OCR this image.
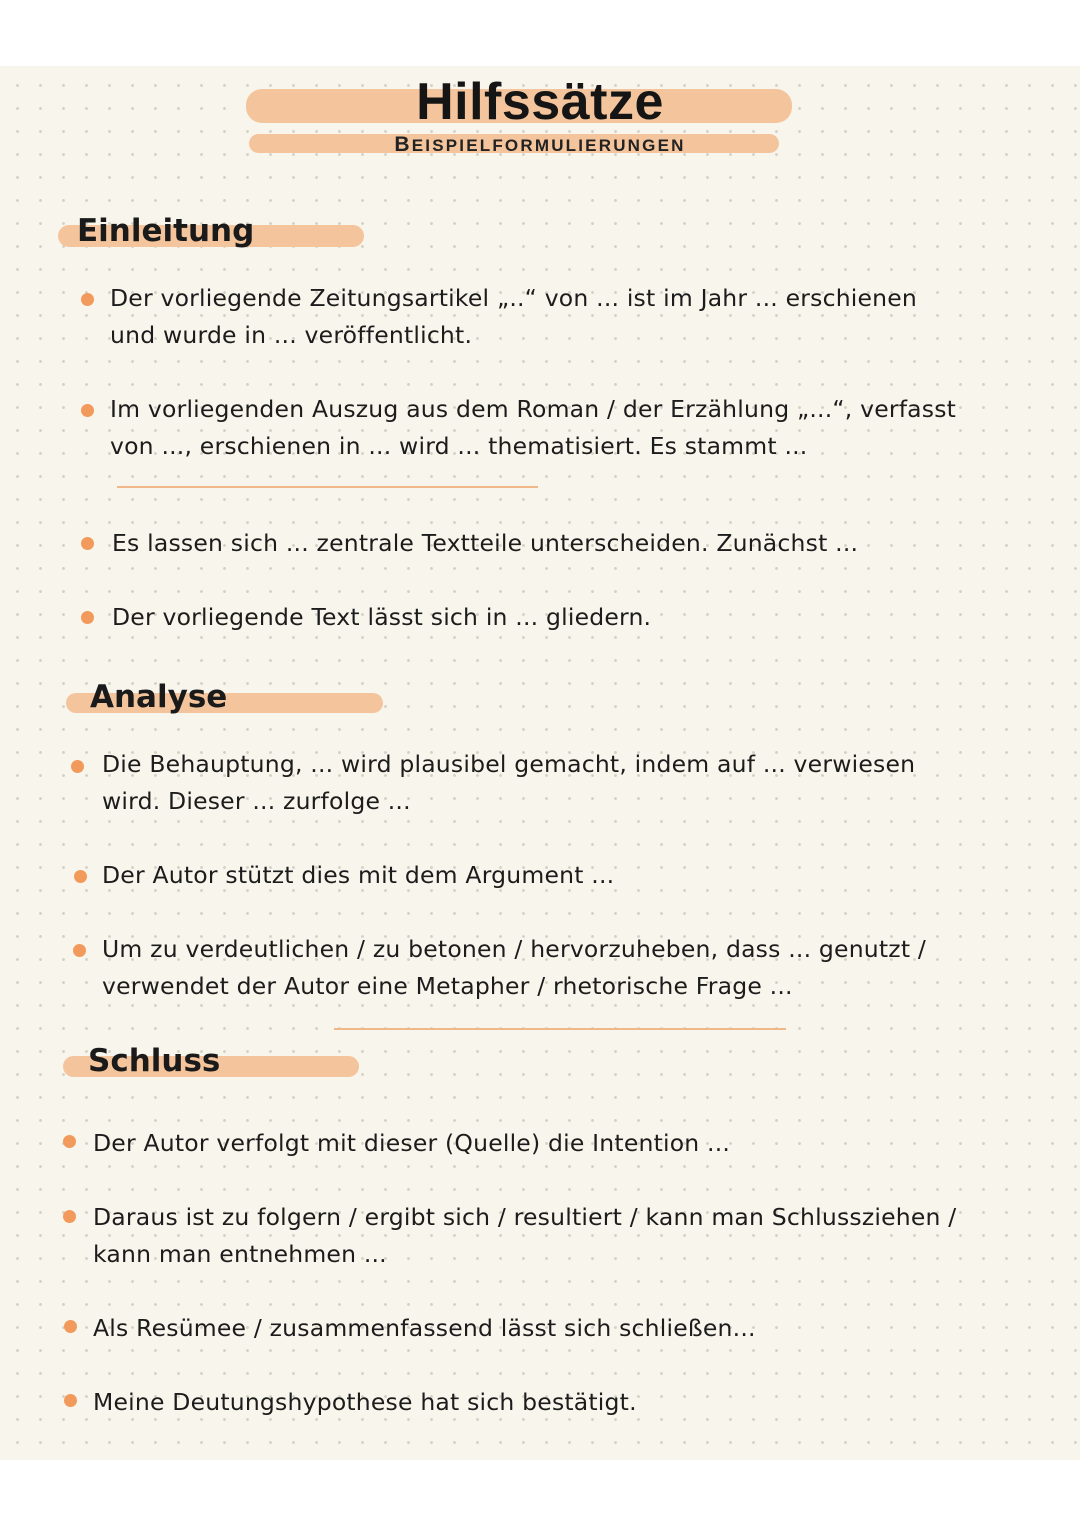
Hilfssätze
BEISPIELFORMULIERUNGEN
Einleitung
Der vorliegende Zeitungsartikel „..“ von ... ist im Jahr ... erschienen
und wurde in ... veröffentlicht.
Im vorliegenden Auszug aus dem Roman / der Erzählung „...“, verfasst
von ..., erschienen in ... wird ... thematisiert. Es stammt ...
Es lassen sich ... zentrale Textteile unterscheiden. Zunächst ...
Der vorliegende Text lässt sich in ... gliedern.
Analyse
Die Behauptung, ... wird plausibel gemacht, indem auf ... verwiesen
wird. Dieser ... zurfolge ...
Der Autor stützt dies mit dem Argument ...
Um zu verdeutlichen / zu betonen / hervorzuheben, dass ... genutzt /
verwendet der Autor eine Metapher / rhetorische Frage ...
Schluss
Der Autor verfolgt mit dieser (Quelle) die Intention ...
Daraus ist zu folgern / ergibt sich / resultiert / kann man Schlussziehen /
kann man entnehmen ...
Als Resümee / zusammenfassend lässt sich schließen...
Meine Deutungshypothese hat sich bestätigt.
